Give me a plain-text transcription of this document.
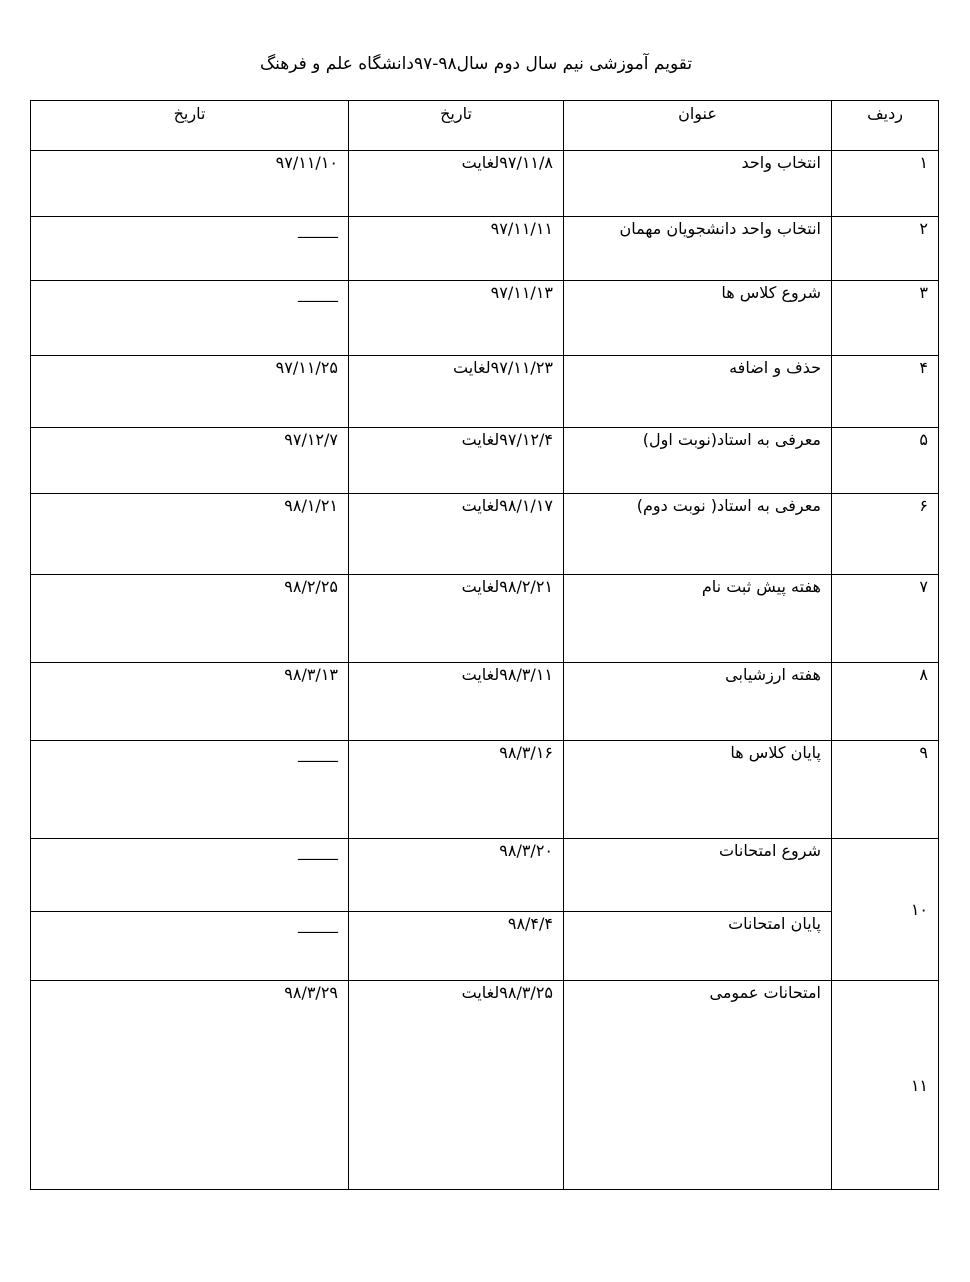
تقویم آموزشی نیم سال دوم سال۹۸-۹۷دانشگاه علم و فرهنگ
ردیف	عنوان	تاریخ	تاریخ
۱	انتخاب واحد	۹۷/۱۱/۸لغایت	۹۷/۱۱/۱۰
۲	انتخاب واحد دانشجویان مهمان	۹۷/۱۱/۱۱	_____
۳	شروع کلاس ها	۹۷/۱۱/۱۳	_____
۴	حذف و اضافه	۹۷/۱۱/۲۳لغایت	۹۷/۱۱/۲۵
۵	معرفی به استاد(نوبت اول)	۹۷/۱۲/۴لغایت	۹۷/۱۲/۷
۶	معرفی به استاد( نوبت دوم)	۹۸/۱/۱۷لغایت	۹۸/۱/۲۱
۷	هفته پیش ثبت نام	۹۸/۲/۲۱لغایت	۹۸/۲/۲۵
۸	هفته ارزشیابی	۹۸/۳/۱۱لغایت	۹۸/۳/۱۳
۹	پایان کلاس ها	۹۸/۳/۱۶	_____
۱۰	شروع امتحانات	۹۸/۳/۲۰	_____
	پایان امتحانات	۹۸/۴/۴	_____
۱۱	امتحانات عمومی	۹۸/۳/۲۵لغایت	۹۸/۳/۲۹
